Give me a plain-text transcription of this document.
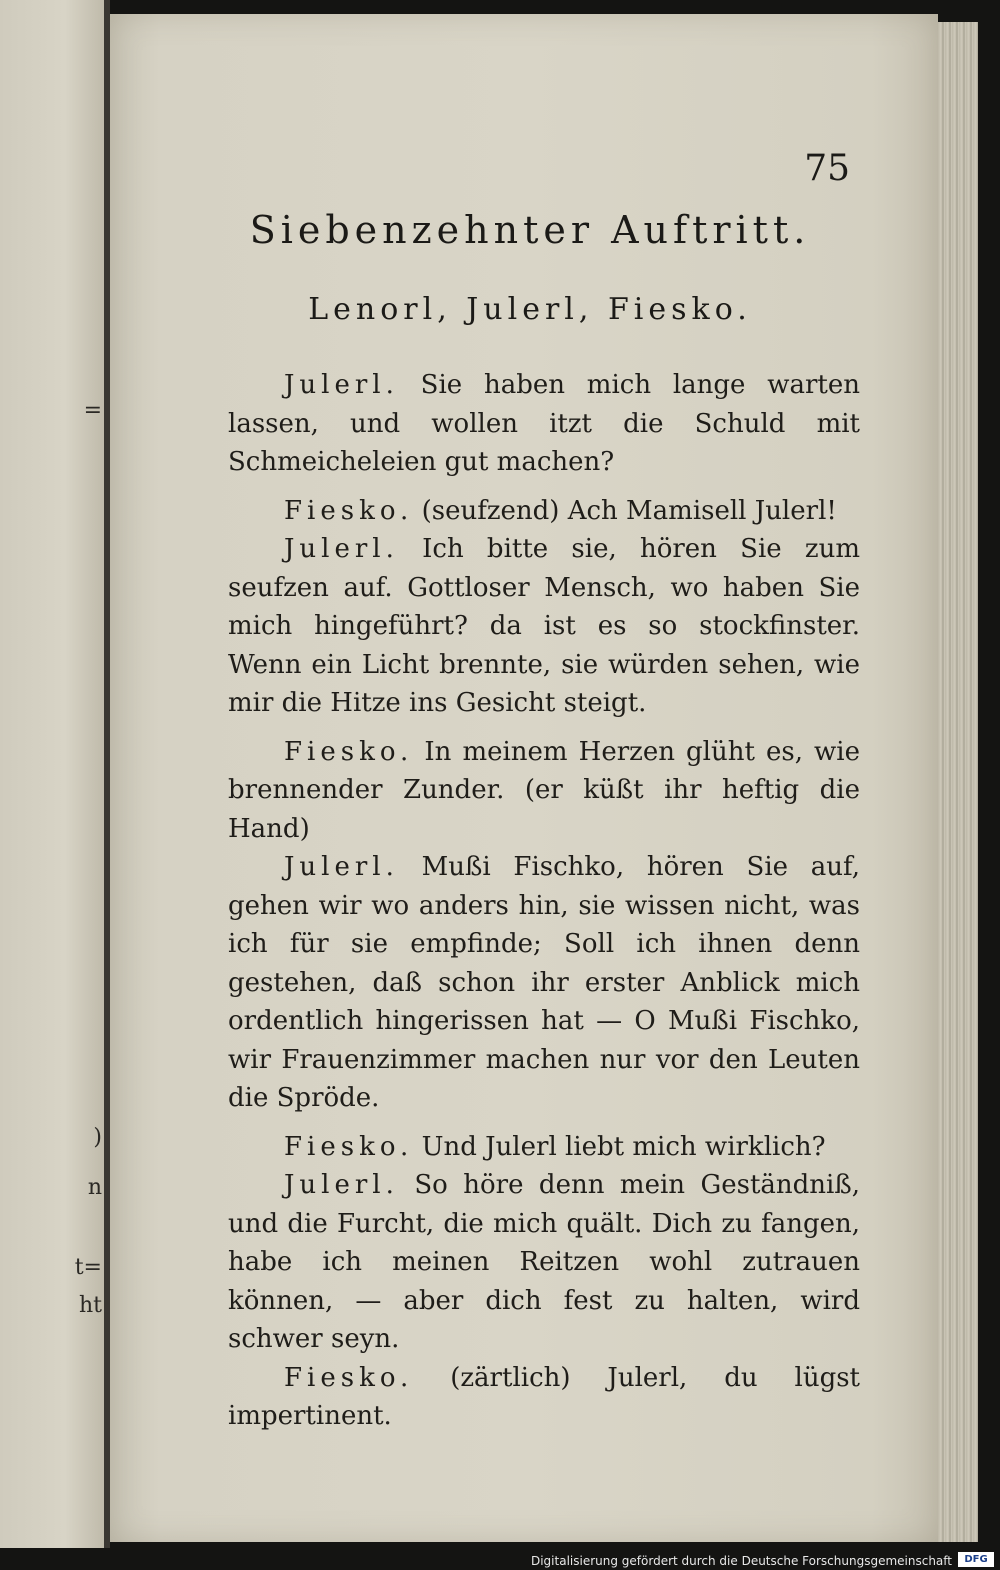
=
)
n
t=
ht
75
Siebenzehnter Auftritt.
Lenorl, Julerl, Fiesko.

Julerl. Sie haben mich lange warten lassen, und wollen itzt die Schuld mit Schmeicheleien gut machen?

Fiesko. (seufzend) Ach Mamisell Julerl!

Julerl. Ich bitte sie, hören Sie zum seufzen auf. Gottloser Mensch, wo haben Sie mich hingeführt? da ist es so stockfinster. Wenn ein Licht brennte, sie würden sehen, wie mir die Hitze ins Gesicht steigt.

Fiesko. In meinem Herzen glüht es, wie brennender Zunder. (er küßt ihr heftig die Hand)

Julerl. Mußi Fischko, hören Sie auf, gehen wir wo anders hin, sie wissen nicht, was ich für sie empfinde; Soll ich ihnen denn gestehen, daß schon ihr erster Anblick mich ordentlich hingerissen hat — O Mußi Fischko, wir Frauenzimmer machen nur vor den Leuten die Spröde.

Fiesko. Und Julerl liebt mich wirklich?

Julerl. So höre denn mein Geständniß, und die Furcht, die mich quält. Dich zu fangen, habe ich meinen Reitzen wohl zutrauen können, — aber dich fest zu halten, wird schwer seyn.

Fiesko. (zärtlich) Julerl, du lügst impertinent.

Digitalisierung gefördert durch die Deutsche Forschungsgemeinschaft	DFG
